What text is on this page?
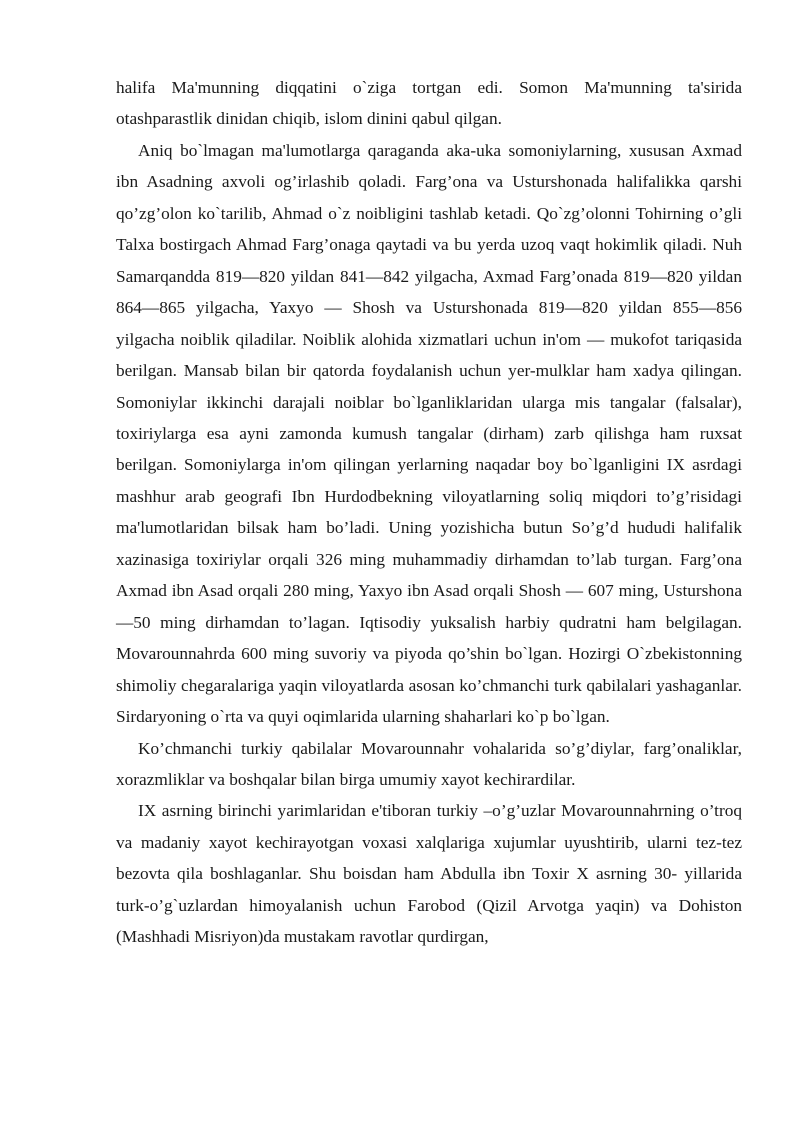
halifa Ma'munning diqqatini o`ziga tortgan edi. Somon Ma'munning ta'sirida otashparastlik dinidan chiqib, islom dinini qabul qilgan.

Aniq bo`lmagan ma'lumotlarga qaraganda aka-uka somoniylarning, xususan Axmad ibn Asadning axvoli og’irlashib qoladi. Farg’ona va Usturshonada halifalikka qarshi qo’zg’olon ko`tarilib, Ahmad o`z noibligini tashlab ketadi. Qo`zg’olonni Tohirning o’gli Talxa bostirgach Ahmad Farg’onaga qaytadi va bu yerda uzoq vaqt hokimlik qiladi. Nuh Samarqandda 819—820 yildan 841—842 yilgacha, Axmad Farg’onada 819—820 yildan 864—865 yilgacha, Yaxyo — Shosh va Usturshonada 819—820 yildan 855—856 yilgacha noiblik qiladilar. Noiblik alohida xizmatlari uchun in'om — mukofot tariqasida berilgan. Mansab bilan bir qatorda foydalanish uchun yer-mulklar ham xadya qilingan. Somoniylar ikkinchi darajali noiblar bo`lganliklaridan ularga mis tangalar (falsalar), toxiriylarga esa ayni zamonda kumush tangalar (dirham) zarb qilishga ham ruxsat berilgan. Somoniylarga in'om qilingan yerlarning naqadar boy bo`lganligini IX asrdagi mashhur arab geografi Ibn Hurdodbekning viloyatlarning soliq miqdori to’g’risidagi ma'lumotlaridan bilsak ham bo’ladi. Uning yozishicha butun So’g’d hududi halifalik xazinasiga toxiriylar orqali 326 ming muhammadiy dirhamdan to’lab turgan. Farg’ona Axmad ibn Asad orqali 280 ming, Yaxyo ibn Asad orqali Shosh — 607 ming, Usturshona —50 ming dirhamdan to’lagan. Iqtisodiy yuksalish harbiy qudratni ham belgilagan. Movarounnahrda 600 ming suvoriy va piyoda qo’shin bo`lgan. Hozirgi O`zbekistonning shimoliy chegaralariga yaqin viloyatlarda asosan ko’chmanchi turk qabilalari yashaganlar. Sirdaryoning o`rta va quyi oqimlarida ularning shaharlari ko`p bo`lgan.

Ko’chmanchi turkiy qabilalar Movarounnahr vohalarida so’g’diylar, farg’onaliklar, xorazmliklar va boshqalar bilan birga umumiy xayot kechirardilar.

IX asrning birinchi yarimlaridan e'tiboran turkiy –o’g’uzlar Movarounnahrning o’troq va madaniy xayot kechirayotgan voxasi xalqlariga xujumlar uyushtirib, ularni tez-tez bezovta qila boshlaganlar. Shu boisdan ham Abdulla ibn Toxir X asrning 30- yillarida turk-o’g`uzlardan himoyalanish uchun Farobod (Qizil Arvotga yaqin) va Dohiston (Mashhadi Misriyon)da mustakam ravotlar qurdirgan,
